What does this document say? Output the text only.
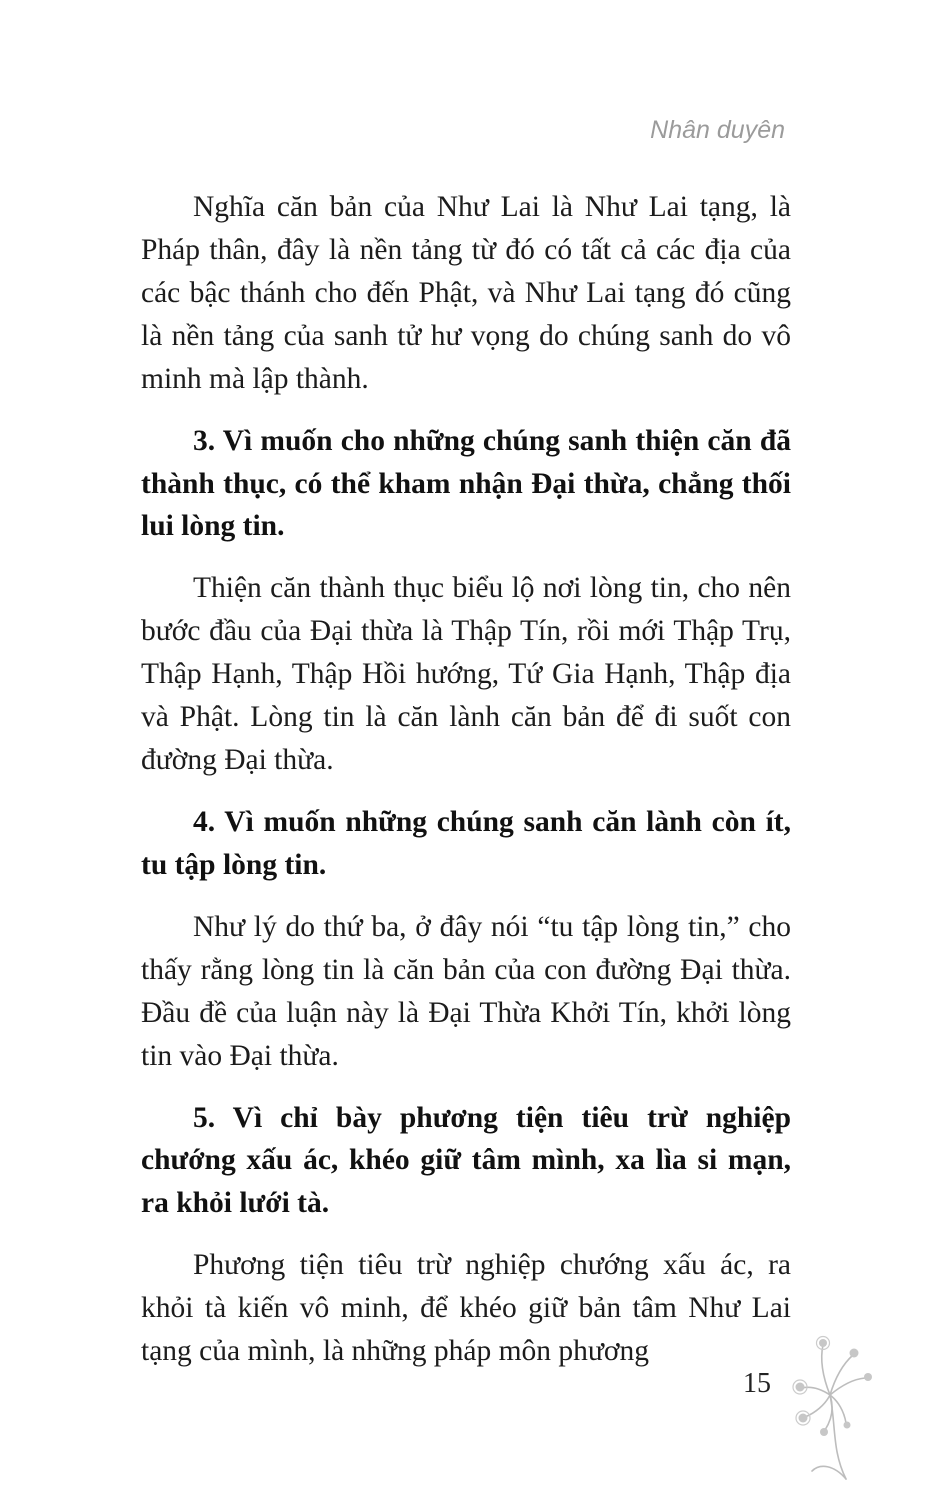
Nhân duyên

Nghĩa căn bản của Như Lai là Như Lai tạng, là Pháp thân, đây là nền tảng từ đó có tất cả các địa của các bậc thánh cho đến Phật, và Như Lai tạng đó cũng là nền tảng của sanh tử hư vọng do chúng sanh do vô minh mà lập thành.

3. Vì muốn cho những chúng sanh thiện căn đã thành thục, có thể kham nhận Đại thừa, chẳng thối lui lòng tin.

Thiện căn thành thục biểu lộ nơi lòng tin, cho nên bước đầu của Đại thừa là Thập Tín, rồi mới Thập Trụ, Thập Hạnh, Thập Hồi hướng, Tứ Gia Hạnh, Thập địa và Phật. Lòng tin là căn lành căn bản để đi suốt con đường Đại thừa.

4. Vì muốn những chúng sanh căn lành còn ít, tu tập lòng tin.

Như lý do thứ ba, ở đây nói “tu tập lòng tin,” cho thấy rằng lòng tin là căn bản của con đường Đại thừa. Đầu đề của luận này là Đại Thừa Khởi Tín, khởi lòng tin vào Đại thừa.

5. Vì chỉ bày phương tiện tiêu trừ nghiệp chướng xấu ác, khéo giữ tâm mình, xa lìa si mạn, ra khỏi lưới tà.

Phương tiện tiêu trừ nghiệp chướng xấu ác, ra khỏi tà kiến vô minh, để khéo giữ bản tâm Như Lai tạng của mình, là những pháp môn phương

15
